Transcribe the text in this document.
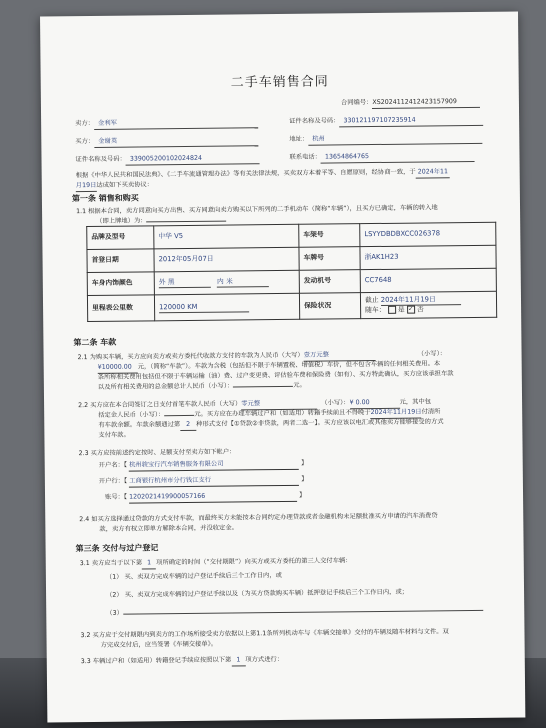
二手车销售合同
合同编号：XS2024112412423157909
卖方： 金利军	证件名称及号码： 330121197107235914
买方： 金谢英	地址： 杭州
证件名称及号码： 339005200102024824	联系电话： 13654864765
根据《中华人民共和国民法典》、《二手车流通管理办法》等有关法律法规，买卖双方本着平等、自愿原则，经协商一致，于 2024年11
月19日达成如下买卖协议：
第一条 销售和购买
1.1 根据本合同，卖方同意向买方出售、买方同意向卖方购买以下所列的二手机动车（简称“车辆”），且买方已确定，车辆的转入地
（即上牌地）为：
品牌及型号	中华 V5	车架号	LSYYDBDBXCC026378
首登日期	2012年05月07日	车牌号	浙AK1H23
车身内饰颜色	外 黑 内 米	发动机号	CC7648
里程表公里数	120000 KM	保险状况	截止 2024年11月19日
随车： 是 ✓ 否
第二条 车款
2.1 为购买车辆，买方应向卖方或卖方委托代收款方支付的车款为人民币（大写）壹万元整	（小写）：
¥10000.00 元，（简称“车款”）。车款为含税（包括但不限于车辆置税、增值税）车价，但不包含车辆的任何相关费用。本
条所称相关费用包括但不限于车辆运输（油）费、过户变更费、评估验车费和保险费（如有）、买方特此确认，买方应该承担车款
以及所有相关费用的总金额总计人民币（小写）：	元。
2.2 买方应在本合同签订之日支付首笔车款人民币（大写）零元整	（小写）：¥ 0.00	元，其中包
括定金人民币（小写）：	元。买方应在办理车辆过户和（如适用）转籍手续前且不得晚于2024年11月19日付清所
有车款余额。车款余额通过第 2 种形式支付【①贷款②非贷款，两者二选一】。买方应该以电汇或其他卖方能够接受的方式
支付车款。
2.3 买方应按前述约定按时、足额支付至卖方如下帐户：
开户名：【 杭州骏宝行汽车销售服务有限公司	】
开户行：【 工商银行杭州市分行钱江支行	】
账号：【 1202021419900057166	】
2.4 如买方选择通过贷款的方式支付车款，而最终买方未能按本合同约定办理贷款或者金融机构未足额批准买方申请的汽车消费贷
款，卖方有权立即单方解除本合同，并没收定金。
第三条 交付与过户登记
3.1 卖方应当于以下第 1 项所确定的时间（“交付期限”）向买方或买方委托的第三人交付车辆：
（1） 买、卖双方完成车辆的过户登记手续后三个工作日内，或
（2） 买、卖双方完成车辆的过户登记手续以及（为买方贷款购买车辆）抵押登记手续后三个工作日内，或；
（3）
3.2 买方应于交付期限内到卖方的工作场所接受卖方依据以上第1.1条所列机动车与《车辆交接单》交付的车辆及随车材料与文件。双
方完成交付后，应当签署《车辆交接单》。
3.3 车辆过户和（如适用）转籍登记手续应按照以下第 1 项方式进行：
